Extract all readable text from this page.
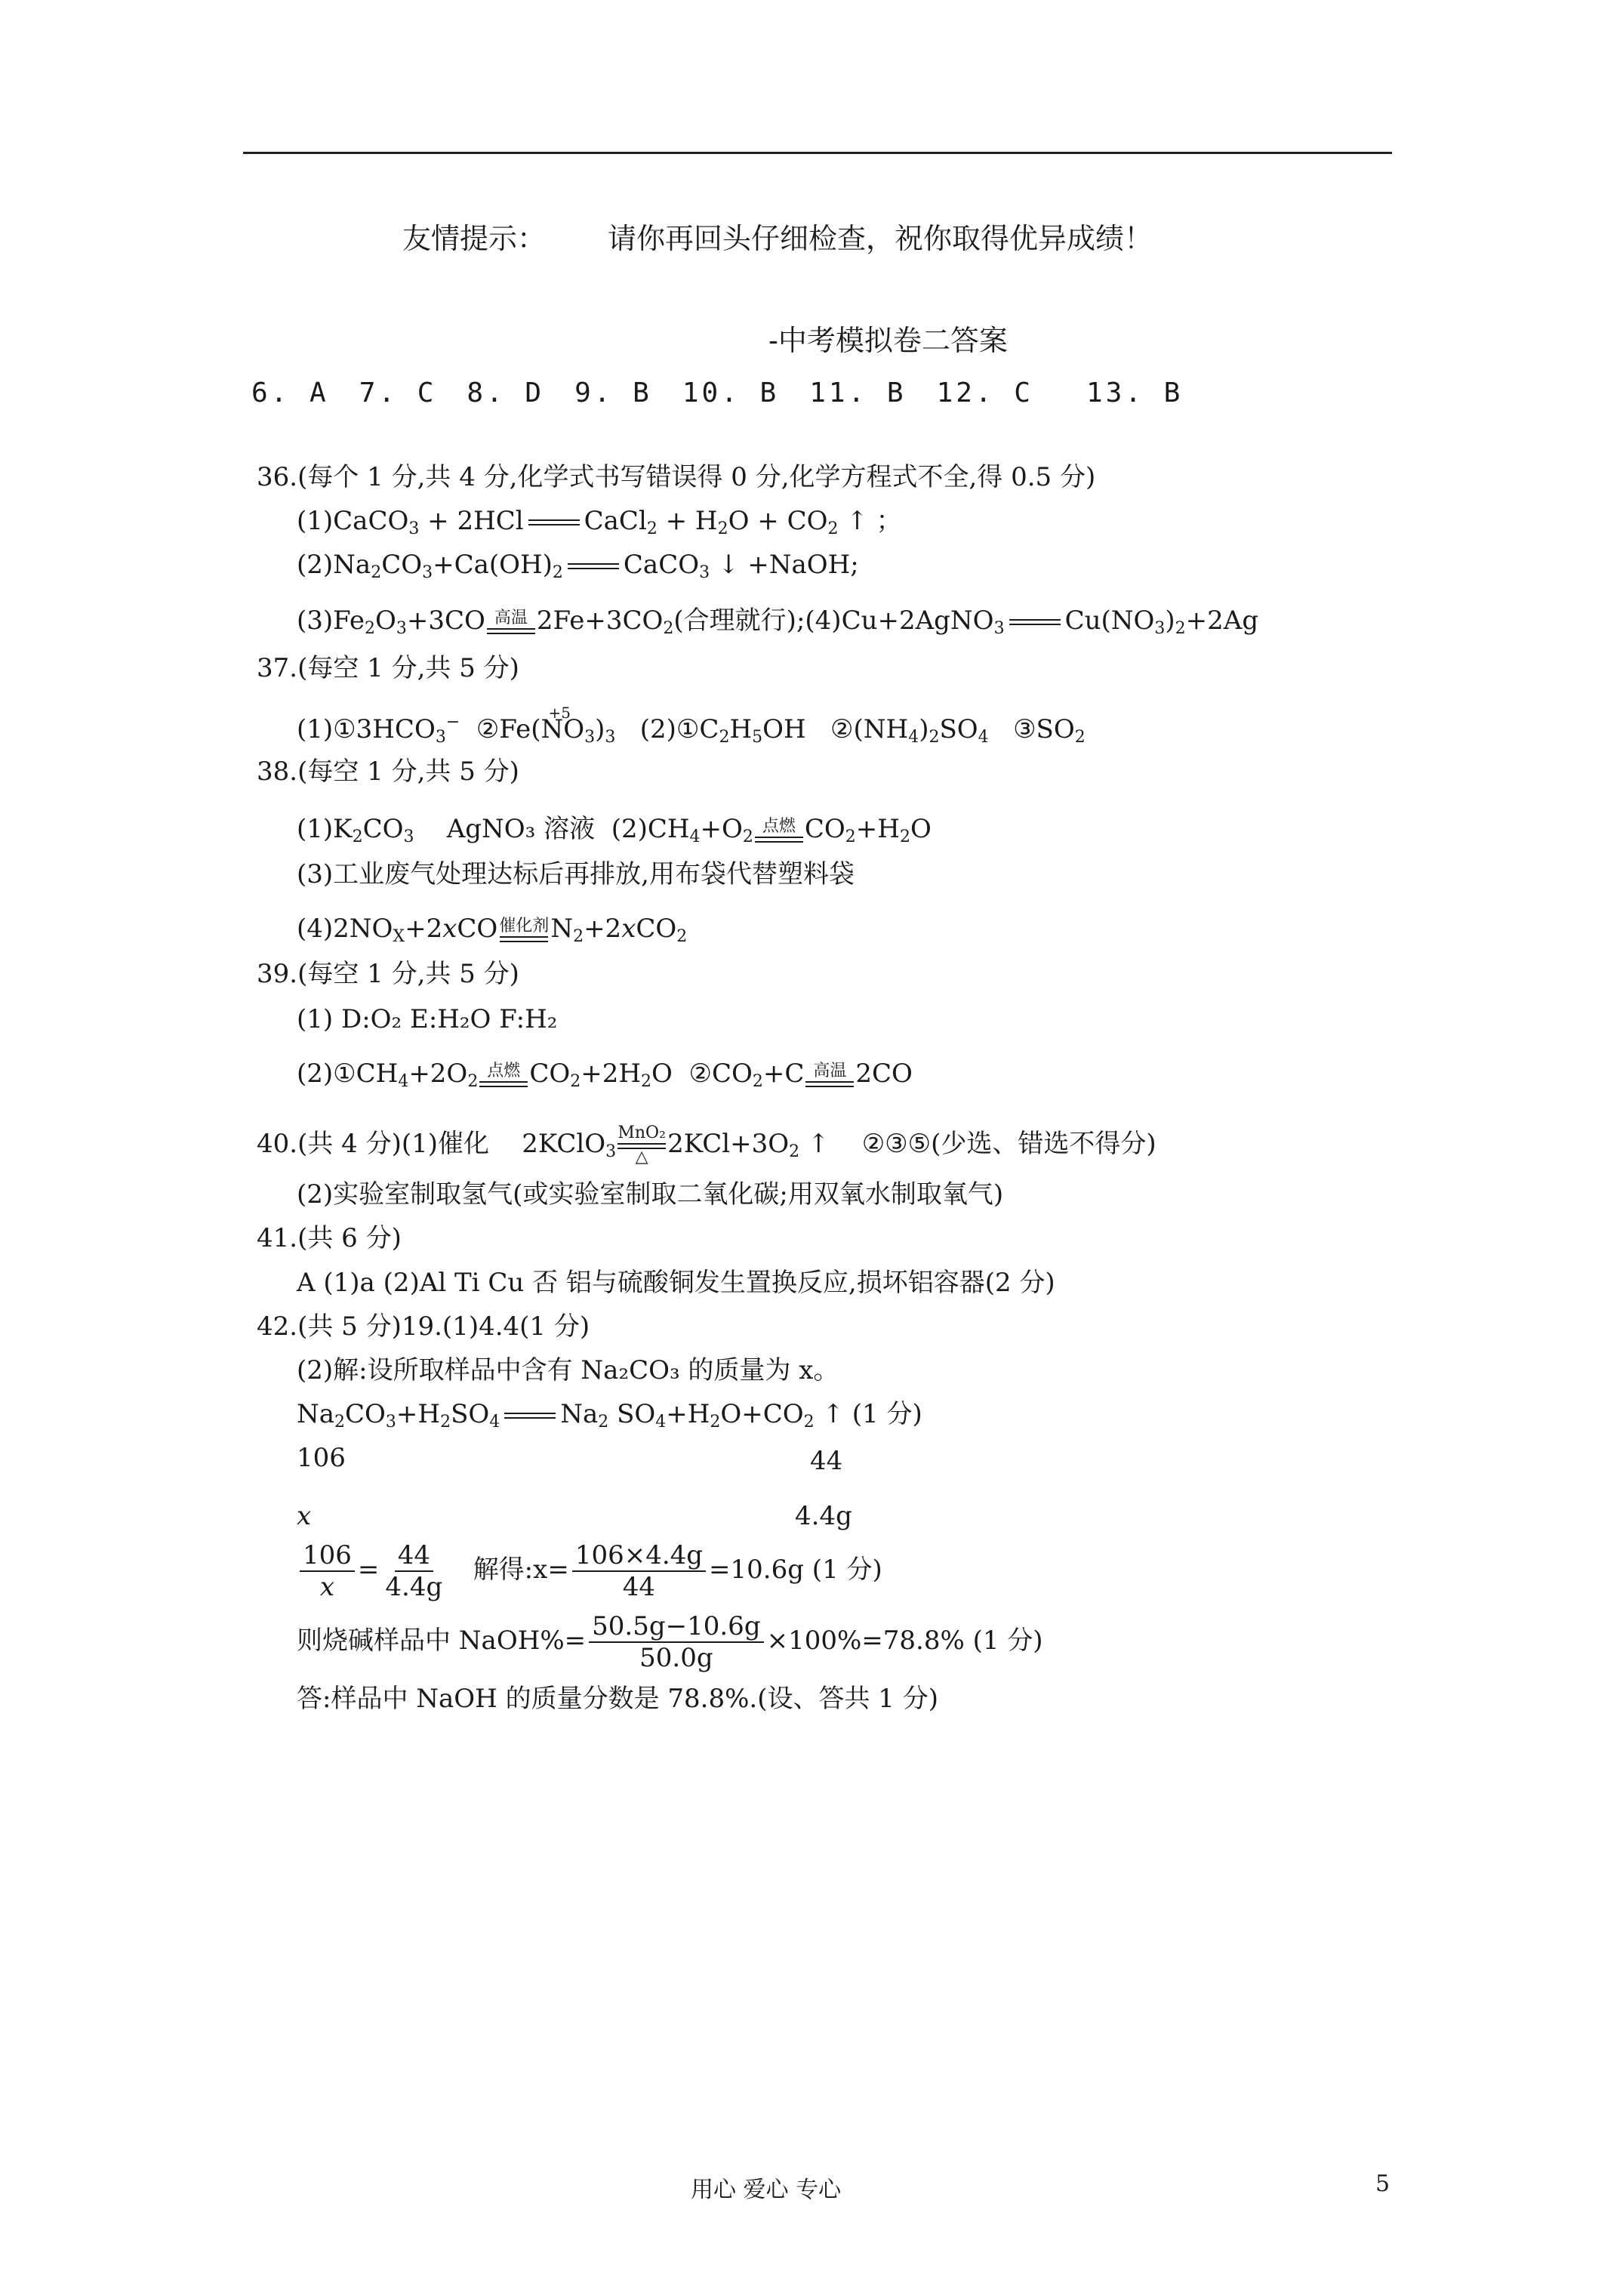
友情提示： 请你再回头仔细检查，祝你取得优异成绩！
-中考模拟卷二答案
6. A 7. C 8. D 9. B 10. B 11. B 12. C 13. B
36.(每个 1 分,共 4 分,化学式书写错误得 0 分,化学方程式不全,得 0.5 分)
(1)CaCO$_3$ + 2HCl CaCl$_2$ + $H_2O + CO_2$ ↑ ；
$(2)Na_2CO_3+Ca(OH)_2$ CaCO$_3$ ↓ +NaOH;
$(3)Fe_2O_3+3CO$ 高温 $2Fe+3CO_2$(合理就行);(4)Cu+2AgNO$_3$ $Cu(NO_3)_2+2Ag$
37.(每空 1 分,共 5 分)
$(1)①3HCO_3^-$  ②Fe(N
+5
$O_3)_3$   $(2)①C_2H_5OH$   $②(NH_4)_2SO_4$   $③SO_2$
38.(每空 1 分,共 5 分)
$(1)K_2CO_3$ AgNO₃ 溶液  $(2)CH_4+O_2$
点燃 $CO_2+H_2O$
(3)工业废气处理达标后再排放,用布袋代替塑料袋
$(4)2NO_X+2xCO$ 催化剂 $N_2+2xCO_2$
39.(每空 1 分,共 5 分)
(1) D:O₂ E:H₂O F:H₂
$(2)①CH_4+2O_2$
点燃 $CO_2+2H_2O$  $②CO_2+C$ 高温 2CO
40.(共 4 分)(1)催化    2KClO$_3$
MnO₂
△ $2KCl+3O_2$ ↑    ②③⑤(少选、错选不得分)
(2)实验室制取氢气(或实验室制取二氧化碳;用双氧水制取氧气)
41.(共 6 分)
A (1)a (2)Al Ti Cu 否 铝与硫酸铜发生置换反应,损坏铝容器(2 分)
42.(共 5 分)19.(1)4.4(1 分)
(2)解:设所取样品中含有 Na₂CO₃ 的质量为 x。
$Na_2CO_3+H_2SO_4$ $Na_2$ $SO_4+H_2O+CO_2$ ↑ (1 分)
106	44
x	4.4g
$\frac{106}{x} = \frac{44}{4.4g}$ 解得:x= $\frac{106\times 4.4g}{44} =10.6g$ (1 分)
则烧碱样品中 NaOH%= $\frac{50.5g-10.6g}{50.0g} \times 100\%=78.8\%$ (1 分)
答:样品中 NaOH 的质量分数是 78.8%.(设、答共 1 分)
用心 爱心 专心	5
